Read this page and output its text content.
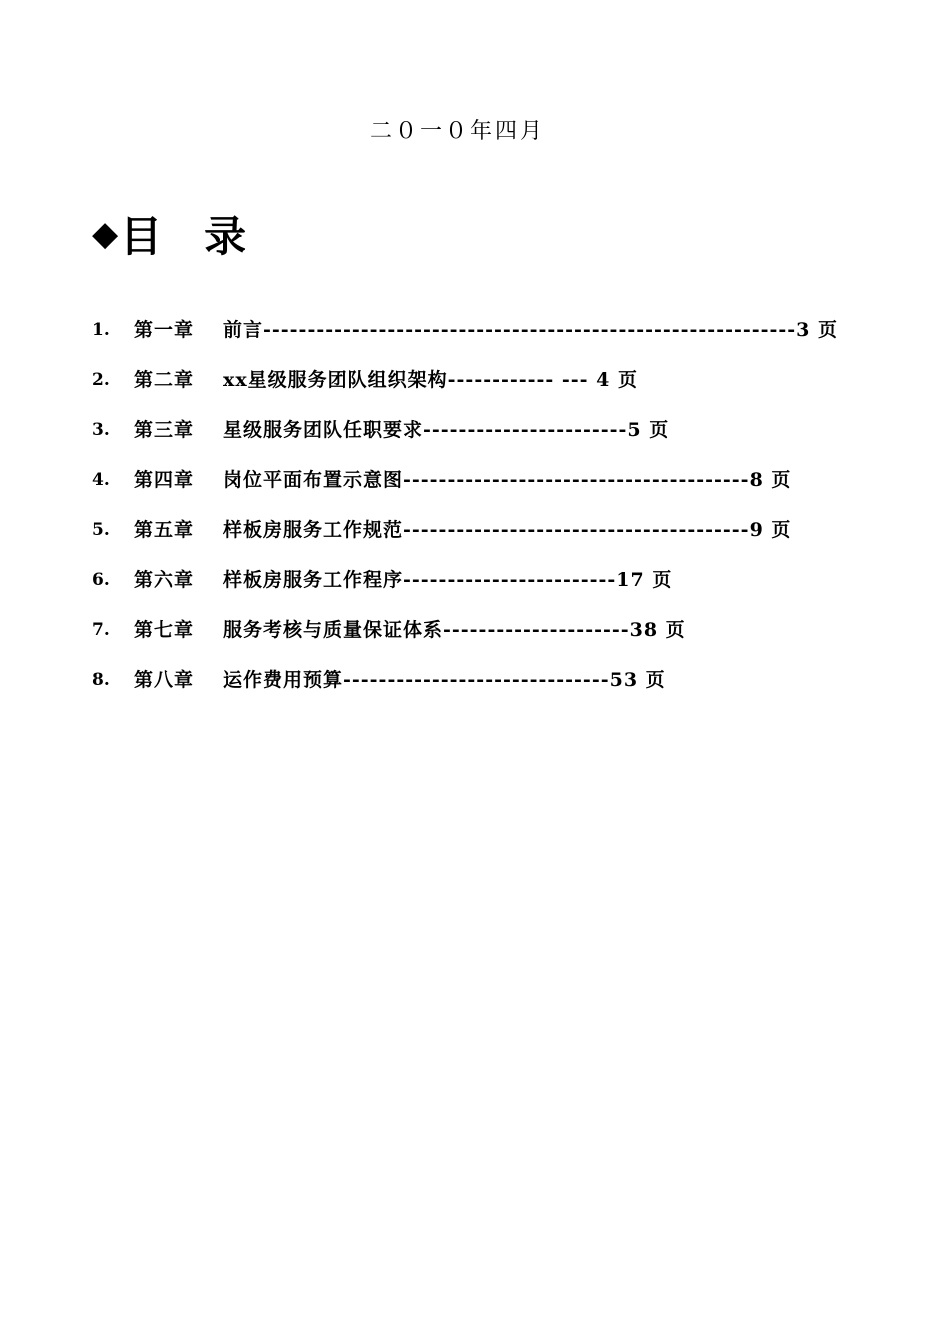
二０一０年四月
◆ 目 录
1. 第一章 前言------------------------------------------------------------3 页
2. 第二章 xx星级服务团队组织架构------------ --- 4 页
3. 第三章 星级服务团队任职要求-----------------------5 页
4. 第四章 岗位平面布置示意图---------------------------------------8 页
5. 第五章 样板房服务工作规范---------------------------------------9 页
6. 第六章 样板房服务工作程序------------------------17 页
7. 第七章 服务考核与质量保证体系---------------------38 页
8. 第八章 运作费用预算------------------------------53 页
